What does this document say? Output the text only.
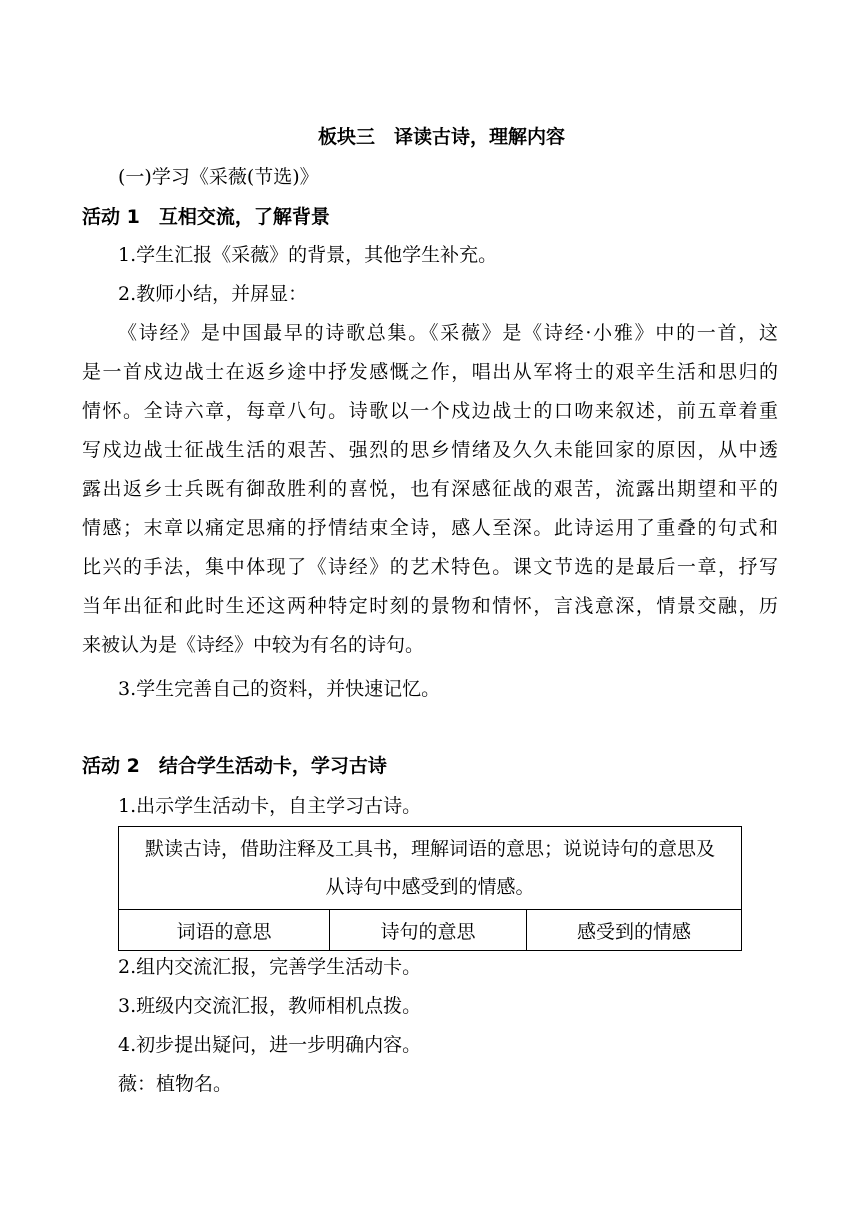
板块三　译读古诗，理解内容
(一)学习《采薇(节选)》
活动 1　互相交流，了解背景
1.学生汇报《采薇》的背景，其他学生补充。
2.教师小结，并屏显：
《诗经》是中国最早的诗歌总集。《采薇》是《诗经·小雅》中的一首，这
是一首戍边战士在返乡途中抒发感慨之作，唱出从军将士的艰辛生活和思归的
情怀。全诗六章，每章八句。诗歌以一个戍边战士的口吻来叙述，前五章着重
写戍边战士征战生活的艰苦、强烈的思乡情绪及久久未能回家的原因，从中透
露出返乡士兵既有御敌胜利的喜悦，也有深感征战的艰苦，流露出期望和平的
情感；末章以痛定思痛的抒情结束全诗，感人至深。此诗运用了重叠的句式和
比兴的手法，集中体现了《诗经》的艺术特色。课文节选的是最后一章，抒写
当年出征和此时生还这两种特定时刻的景物和情怀，言浅意深，情景交融，历
来被认为是《诗经》中较为有名的诗句。
3.学生完善自己的资料，并快速记忆。
活动 2　结合学生活动卡，学习古诗
1.出示学生活动卡，自主学习古诗。
默读古诗，借助注释及工具书，理解词语的意思；说说诗句的意思及
从诗句中感受到的情感。

词语的意思	诗句的意思	感受到的情感
2.组内交流汇报，完善学生活动卡。
3.班级内交流汇报，教师相机点拨。
4.初步提出疑问，进一步明确内容。
薇：植物名。
